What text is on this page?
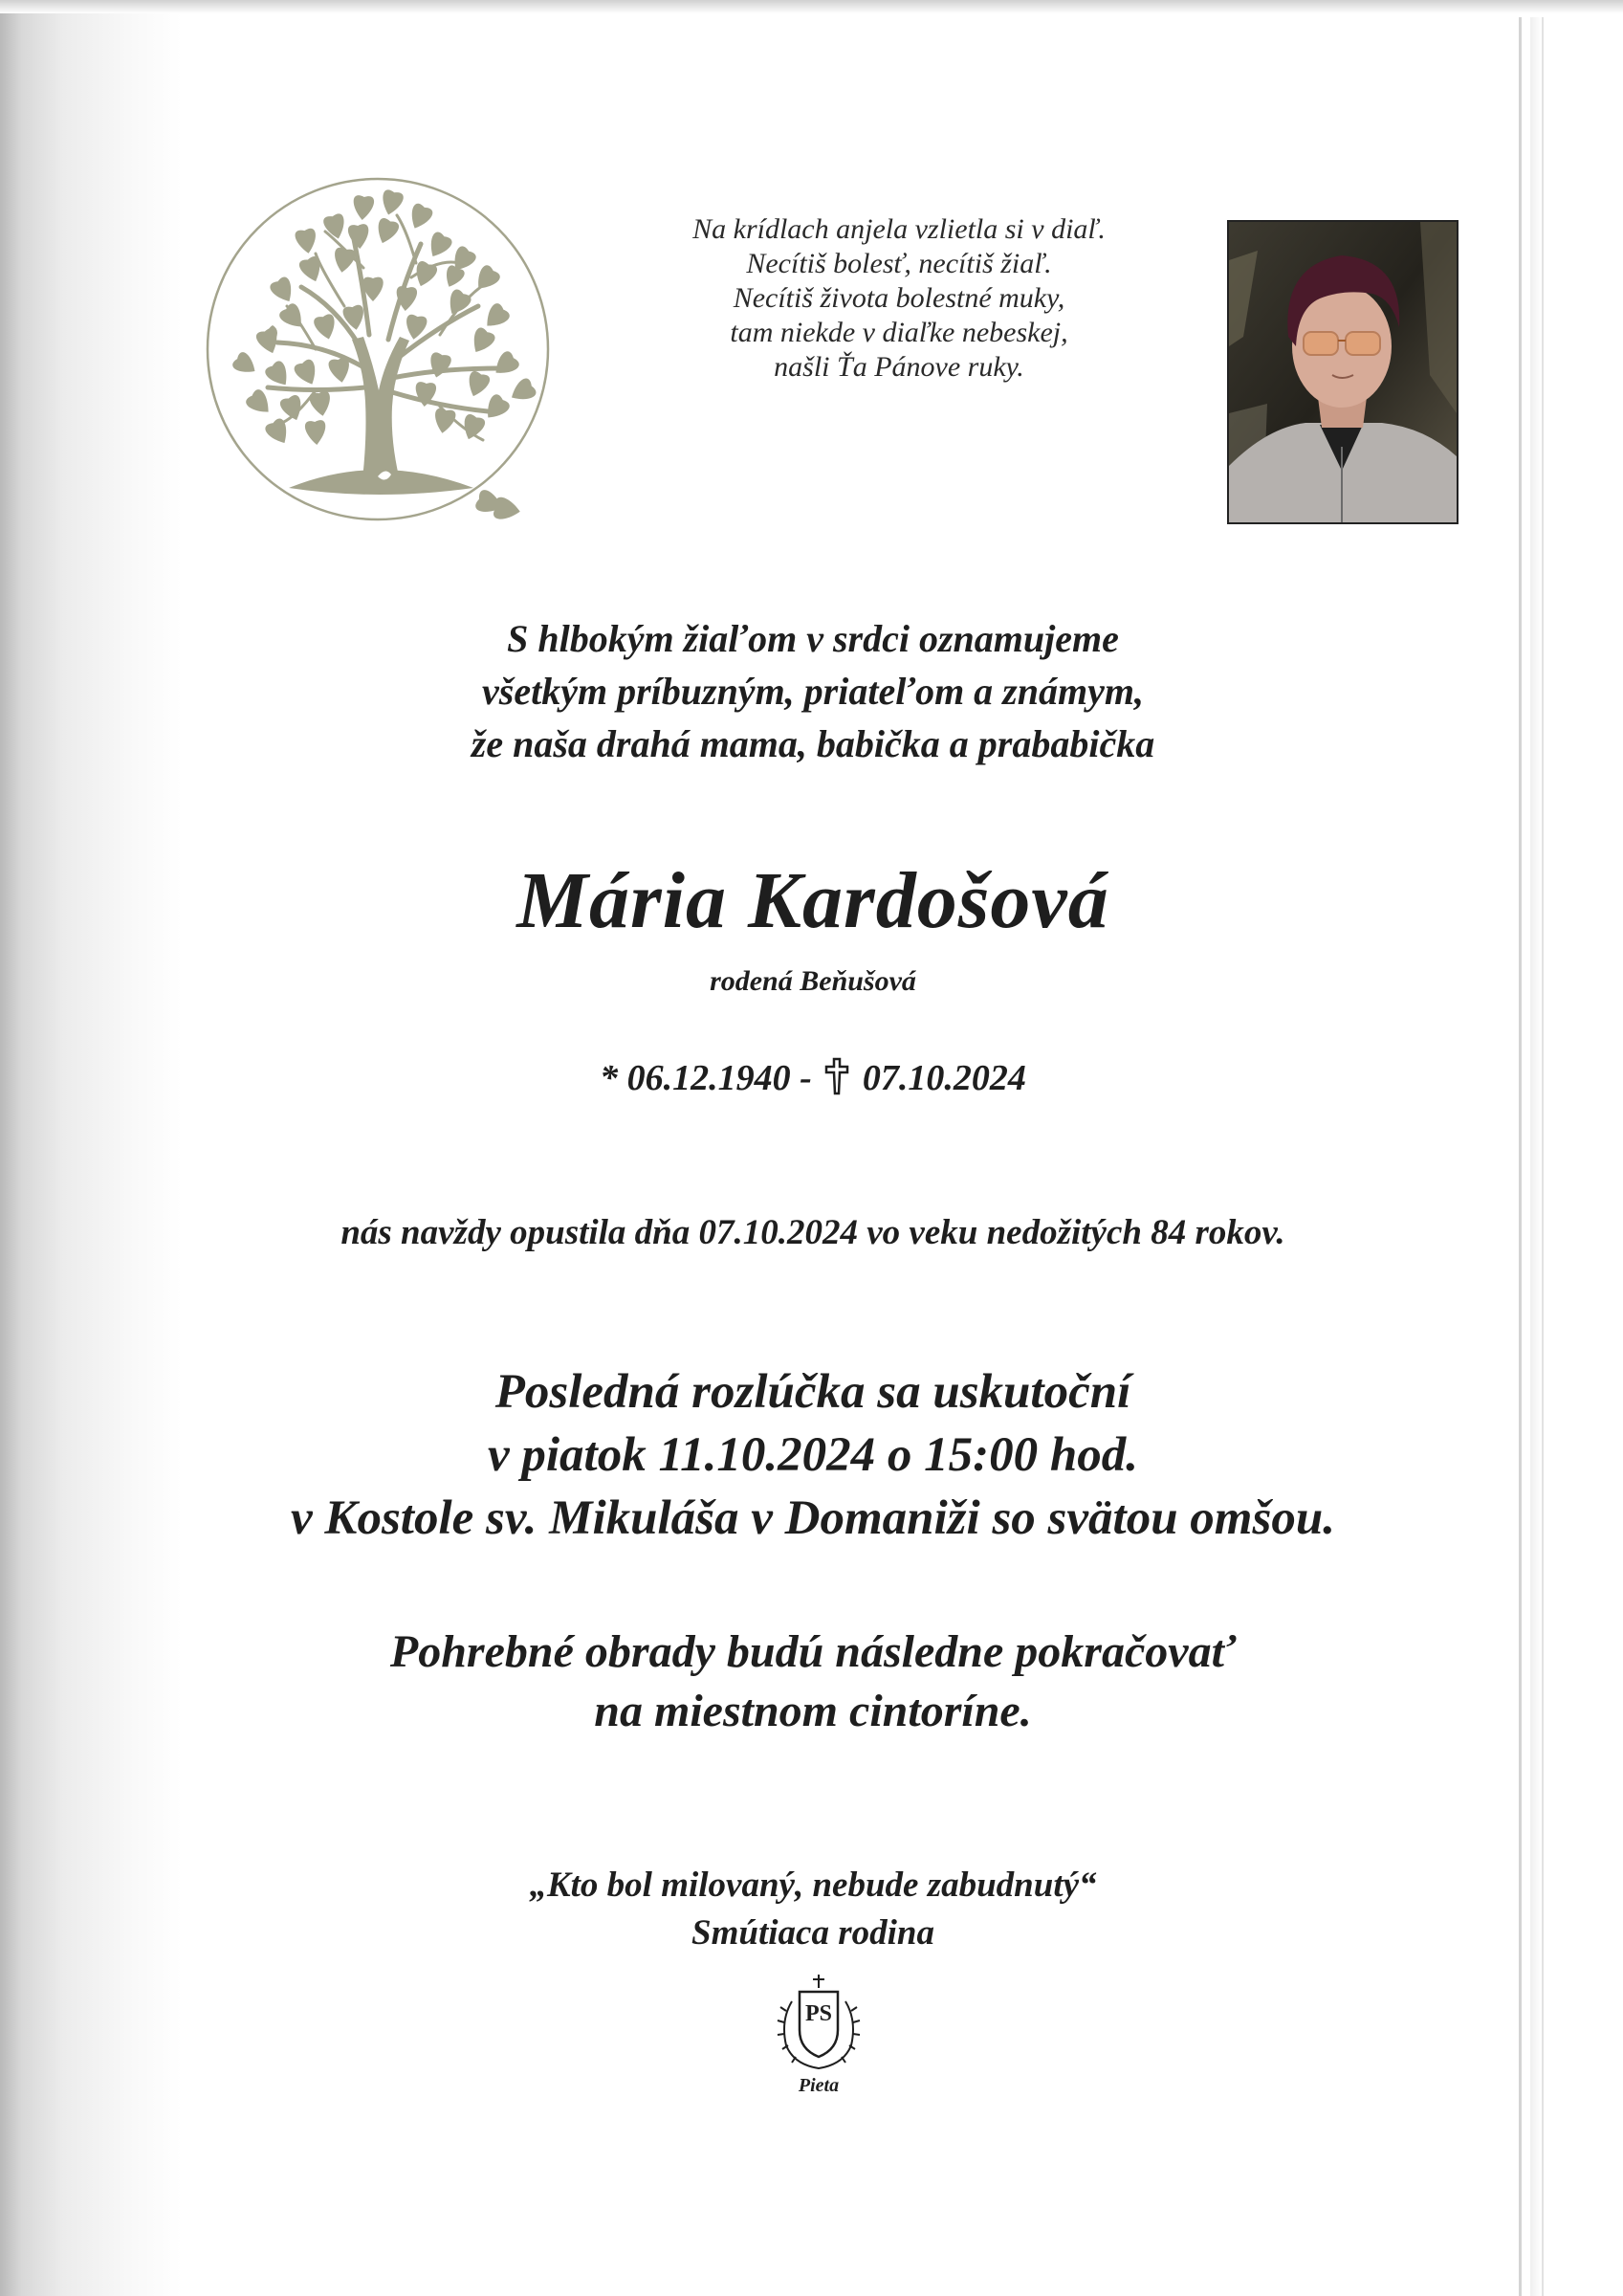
Na krídlach anjela vzlietla si v diaľ.
Necítiš bolesť, necítiš žiaľ.
Necítiš života bolestné muky,
tam niekde v diaľke nebeskej,
našli Ťa Pánove ruky.
S hlbokým žiaľom v srdci oznamujeme
všetkým príbuzným, priateľom a známym,
že naša drahá mama, babička a prababička
Mária Kardošová
rodená Beňušová
* 06.12.1940 - 07.10.2024
nás navždy opustila dňa 07.10.2024 vo veku nedožitých 84 rokov.
Posledná rozlúčka sa uskutoční
v piatok 11.10.2024 o 15:00 hod.
v Kostole sv. Mikuláša v Domaniži so svätou omšou.
Pohrebné obrady budú následne pokračovať
na miestnom cintoríne.
„Kto bol milovaný, nebude zabudnutý“
Smútiaca rodina
PS
Pieta
